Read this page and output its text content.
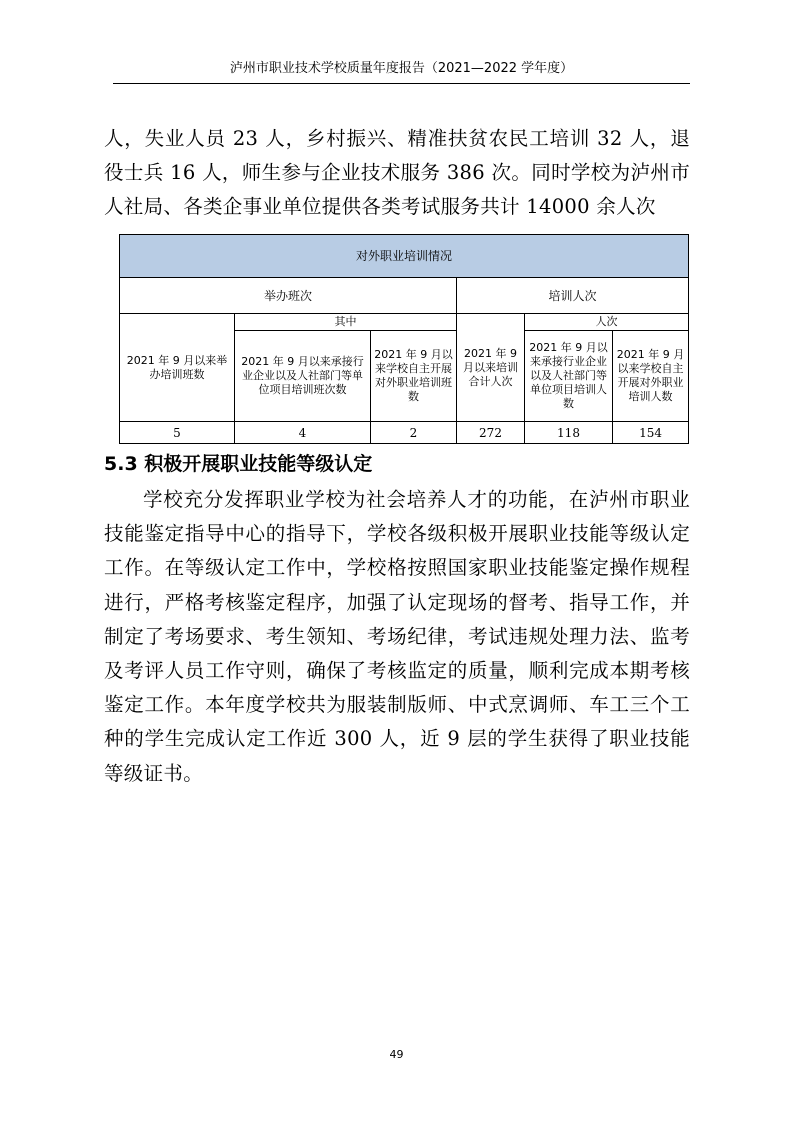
泸州市职业技术学校质量年度报告（2021—2022 学年度）

人，失业人员 23 人，乡村振兴、精准扶贫农民工培训 32 人，退役士兵 16 人，师生参与企业技术服务 386 次。同时学校为泸州市人社局、各类企事业单位提供各类考试服务共计 14000 余人次

对外职业培训情况					
举办班次			培训人次		
2021 年 9 月以来举办培训班数	其中		2021 年 9 月以来培训合计人次	人次	
	2021 年 9 月以来承接行业企业以及人社部门等单位项目培训班次数	2021 年 9 月以来学校自主开展对外职业培训班数		2021 年 9 月以来承接行业企业以及人社部门等单位项目培训人数	2021 年 9 月以来学校自主开展对外职业培训人数
5	4	2	272	118	154
5.3 积极开展职业技能等级认定

学校充分发挥职业学校为社会培养人才的功能，在泸州市职业技能鉴定指导中心的指导下，学校各级积极开展职业技能等级认定工作。在等级认定工作中，学校格按照国家职业技能鉴定操作规程进行，严格考核鉴定程序，加强了认定现场的督考、指导工作，并制定了考场要求、考生领知、考场纪律，考试违规处理力法、监考及考评人员工作守则，确保了考核监定的质量，顺利完成本期考核鉴定工作。本年度学校共为服装制版师、中式烹调师、车工三个工种的学生完成认定工作近 300 人，近 9 层的学生获得了职业技能等级证书。

49
